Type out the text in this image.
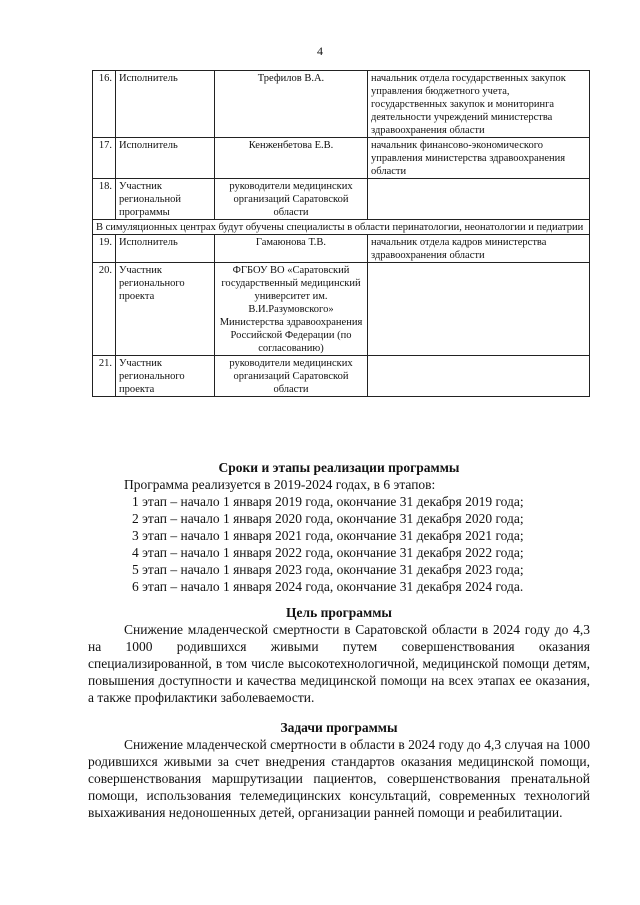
4
16.	Исполнитель	Трефилов В.А.	начальник отдела государственных закупок управления бюджетного учета, государственных закупок и мониторинга деятельности учреждений министерства здравоохранения области
17.	Исполнитель	Кенженбетова Е.В.	начальник финансово-экономического управления министерства здравоохранения области
18.	Участник региональной программы	руководители медицинских организаций Саратовской области	
В симуляционных центрах будут обучены специалисты в области перинатологии, неонатологии и педиатрии			
19.	Исполнитель	Гамаюнова Т.В.	начальник отдела кадров министерства здравоохранения области
20.	Участник регионального проекта	ФГБОУ ВО «Саратовский государственный медицинский университет им. В.И.Разумовского» Министерства здравоохранения Российской Федерации (по согласованию)	
21.	Участник регионального проекта	руководители медицинских организаций Саратовской области	
Сроки и этапы реализации программы
Программа реализуется в 2019-2024 годах, в 6 этапов:
1 этап – начало 1 января 2019 года, окончание 31 декабря 2019 года;
2 этап – начало 1 января 2020 года, окончание 31 декабря 2020 года;
3 этап – начало 1 января 2021 года, окончание 31 декабря 2021 года;
4 этап – начало 1 января 2022 года, окончание 31 декабря 2022 года;
5 этап – начало 1 января 2023 года, окончание 31 декабря 2023 года;
6 этап – начало 1 января 2024 года, окончание 31 декабря 2024 года.
Цель программы

Снижение младенческой смертности в Саратовской области в 2024 году до 4,3 на 1000 родившихся живыми путем совершенствования оказания специализированной, в том числе высокотехнологичной, медицинской помощи детям, повышения доступности и качества медицинской помощи на всех этапах ее оказания, а также профилактики заболеваемости.

Задачи программы

Снижение младенческой смертности в области в 2024 году до 4,3 случая на 1000 родившихся живыми за счет внедрения стандартов оказания медицинской помощи, совершенствования маршрутизации пациентов, совершенствования пренатальной помощи, использования телемедицинских консультаций, современных технологий выхаживания недоношенных детей, организации ранней помощи и реабилитации.
